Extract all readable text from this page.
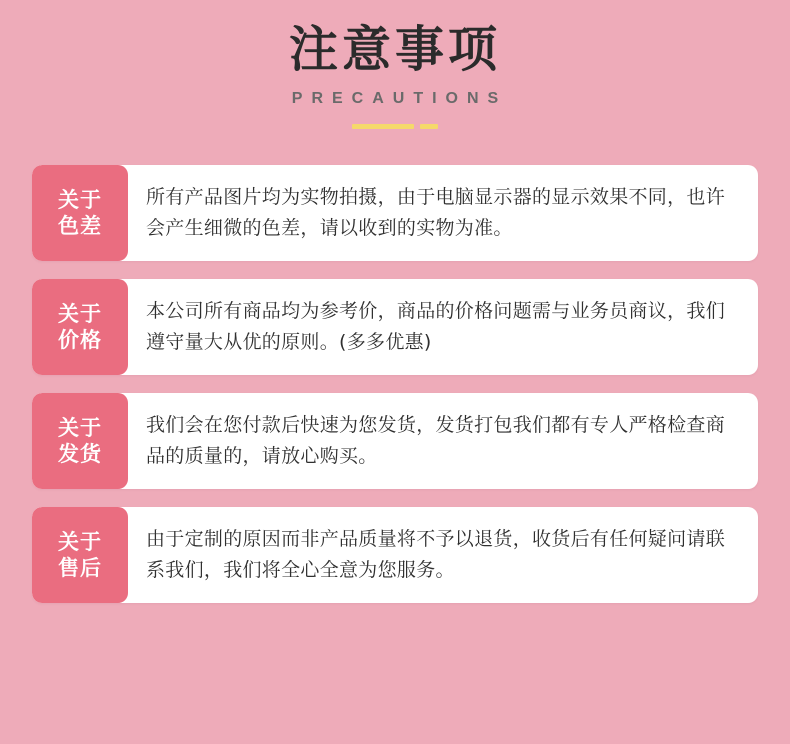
注意事项
PRECAUTIONS
关于
色差
所有产品图片均为实物拍摄，由于电脑显示器的显示效果不同，也许会产生细微的色差，请以收到的实物为准。
关于
价格
本公司所有商品均为参考价，商品的价格问题需与业务员商议，我们遵守量大从优的原则。(多多优惠)
关于
发货
我们会在您付款后快速为您发货，发货打包我们都有专人严格检查商品的质量的，请放心购买。
关于
售后
由于定制的原因而非产品质量将不予以退货，收货后有任何疑问请联系我们，我们将全心全意为您服务。
